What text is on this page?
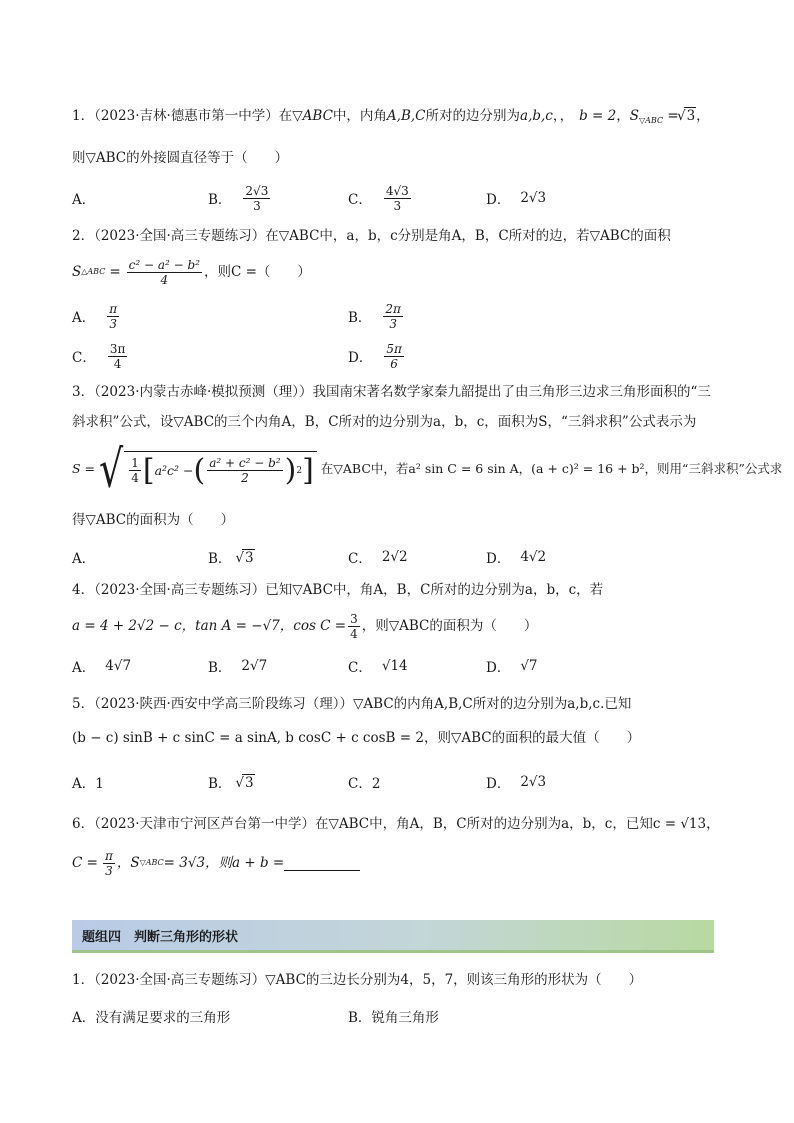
1．（2023·吉林·德惠市第一中学）在▽ABC中，内角A,B,C所对的边分别为a,b,c，， b = 2，$S_{▽ABC}$ = √ 3，
则▽ABC的外接圆直径等于（　　）
A．	B． $\frac{2√3}{3}$	C． $\frac{4√3}{3}$	D． 2√3
2．（2023·全国·高三专题练习）在▽ABC中，a，b，c分别是角A，B，C所对的边，若▽ABC的面积
S △ABC = $\frac{\text{c² − a² − b²}}{4}$ ，则C =（　　）
A． $\frac{\pi}{3}$	B． $\frac{2\pi}{3}$
C． $\frac{3\pi}{4}$	D． $\frac{5\pi}{6}$
3．（2023·内蒙古赤峰·模拟预测（理））我国南宋著名数学家秦九韶提出了由三角形三边求三角形面积的“三
斜求积”公式，设▽ABC的三个内角A，B，C所对的边分别为a，b，c，面积为S，“三斜求积”公式表示为
S = √ $\frac{1}{4}$ [ a²c² − ( $\frac{\text{a² + c² − b²}}{2}$ ) 2 ] 在▽ABC中，若a² sin C = 6 sin A，(a + c)² = 16 + b²，则用“三斜求积”公式求
得▽ABC的面积为（　　）
A．	B． √ 3	C． 2√2	D． 4√2
4．（2023·全国·高三专题练习）已知▽ABC中，角A，B，C所对的边分别为a，b，c，若
a = 4 + 2√2 − c，tan A = −√7，$\cos C = \frac{3}{4}$ ，则▽ABC的面积为（　　）
A． 4√7	B． 2√7	C． √14	D． √7
5．（2023·陕西·西安中学高三阶段练习（理））▽ABC的内角A,B,C所对的边分别为a,b,c.已知
(b − c) sinB + c sinC = a sinA, b cosC + c cosB = 2，则▽ABC的面积的最大值（　　）
A．1	B． √ 3	C．2	D． 2√3
6．（2023·天津市宁河区芦台第一中学）在▽ABC中，角A，B，C所对的边分别为a，b，c，已知c = √13，
$C = \frac{\pi}{3}$ ，S ▽ABC = 3√3，则a + b =
题组四　判断三角形的形状
1．（2023·全国·高三专题练习）▽ABC的三边长分别为4，5，7，则该三角形的形状为（　　）
A．没有满足要求的三角形	B．锐角三角形
